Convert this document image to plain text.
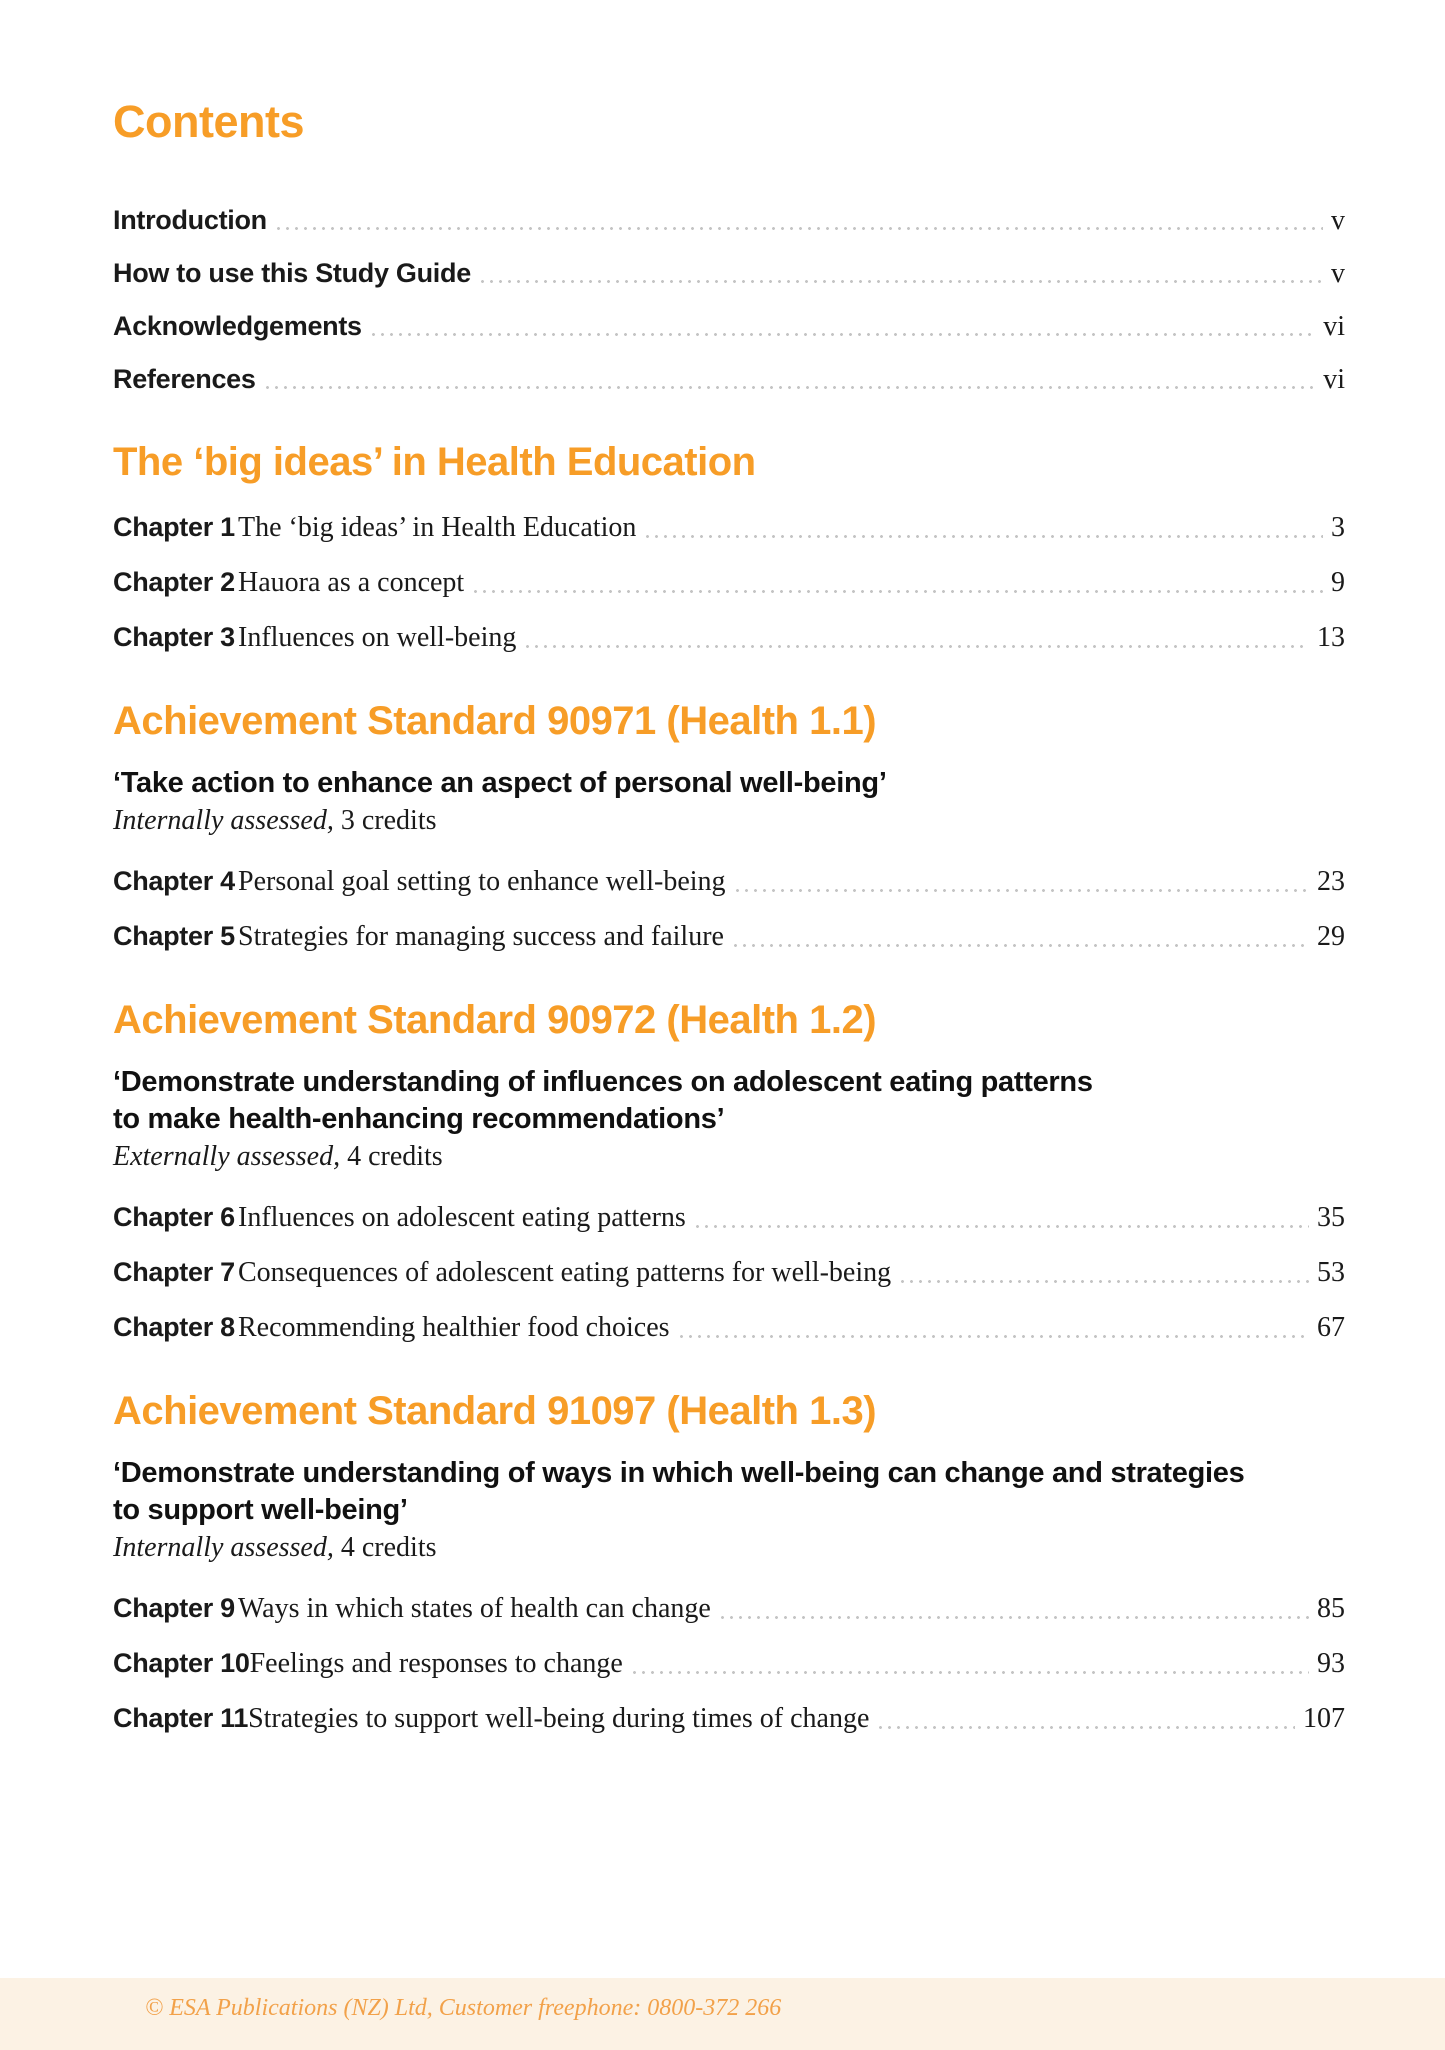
Contents
Introduction	v
How to use this Study Guide	v
Acknowledgements	vi
References	vi
The ‘big ideas’ in Health Education
Chapter 1 The ‘big ideas’ in Health Education	3
Chapter 2 Hauora as a concept	9
Chapter 3 Influences on well-being	13
Achievement Standard 90971 (Health 1.1)

‘Take action to enhance an aspect of personal well-being’

Internally assessed, 3 credits

Chapter 4 Personal goal setting to enhance well-being	23
Chapter 5 Strategies for managing success and failure	29
Achievement Standard 90972 (Health 1.2)

‘Demonstrate understanding of influences on adolescent eating patterns

to make health-enhancing recommendations’

Externally assessed, 4 credits

Chapter 6 Influences on adolescent eating patterns	35
Chapter 7 Consequences of adolescent eating patterns for well-being	53
Chapter 8 Recommending healthier food choices	67
Achievement Standard 91097 (Health 1.3)

‘Demonstrate understanding of ways in which well-being can change and strategies

to support well-being’

Internally assessed, 4 credits

Chapter 9 Ways in which states of health can change	85
Chapter 10 Feelings and responses to change	93
Chapter 11 Strategies to support well-being during times of change	107
© ESA Publications (NZ) Ltd, Customer freephone: 0800-372 266
